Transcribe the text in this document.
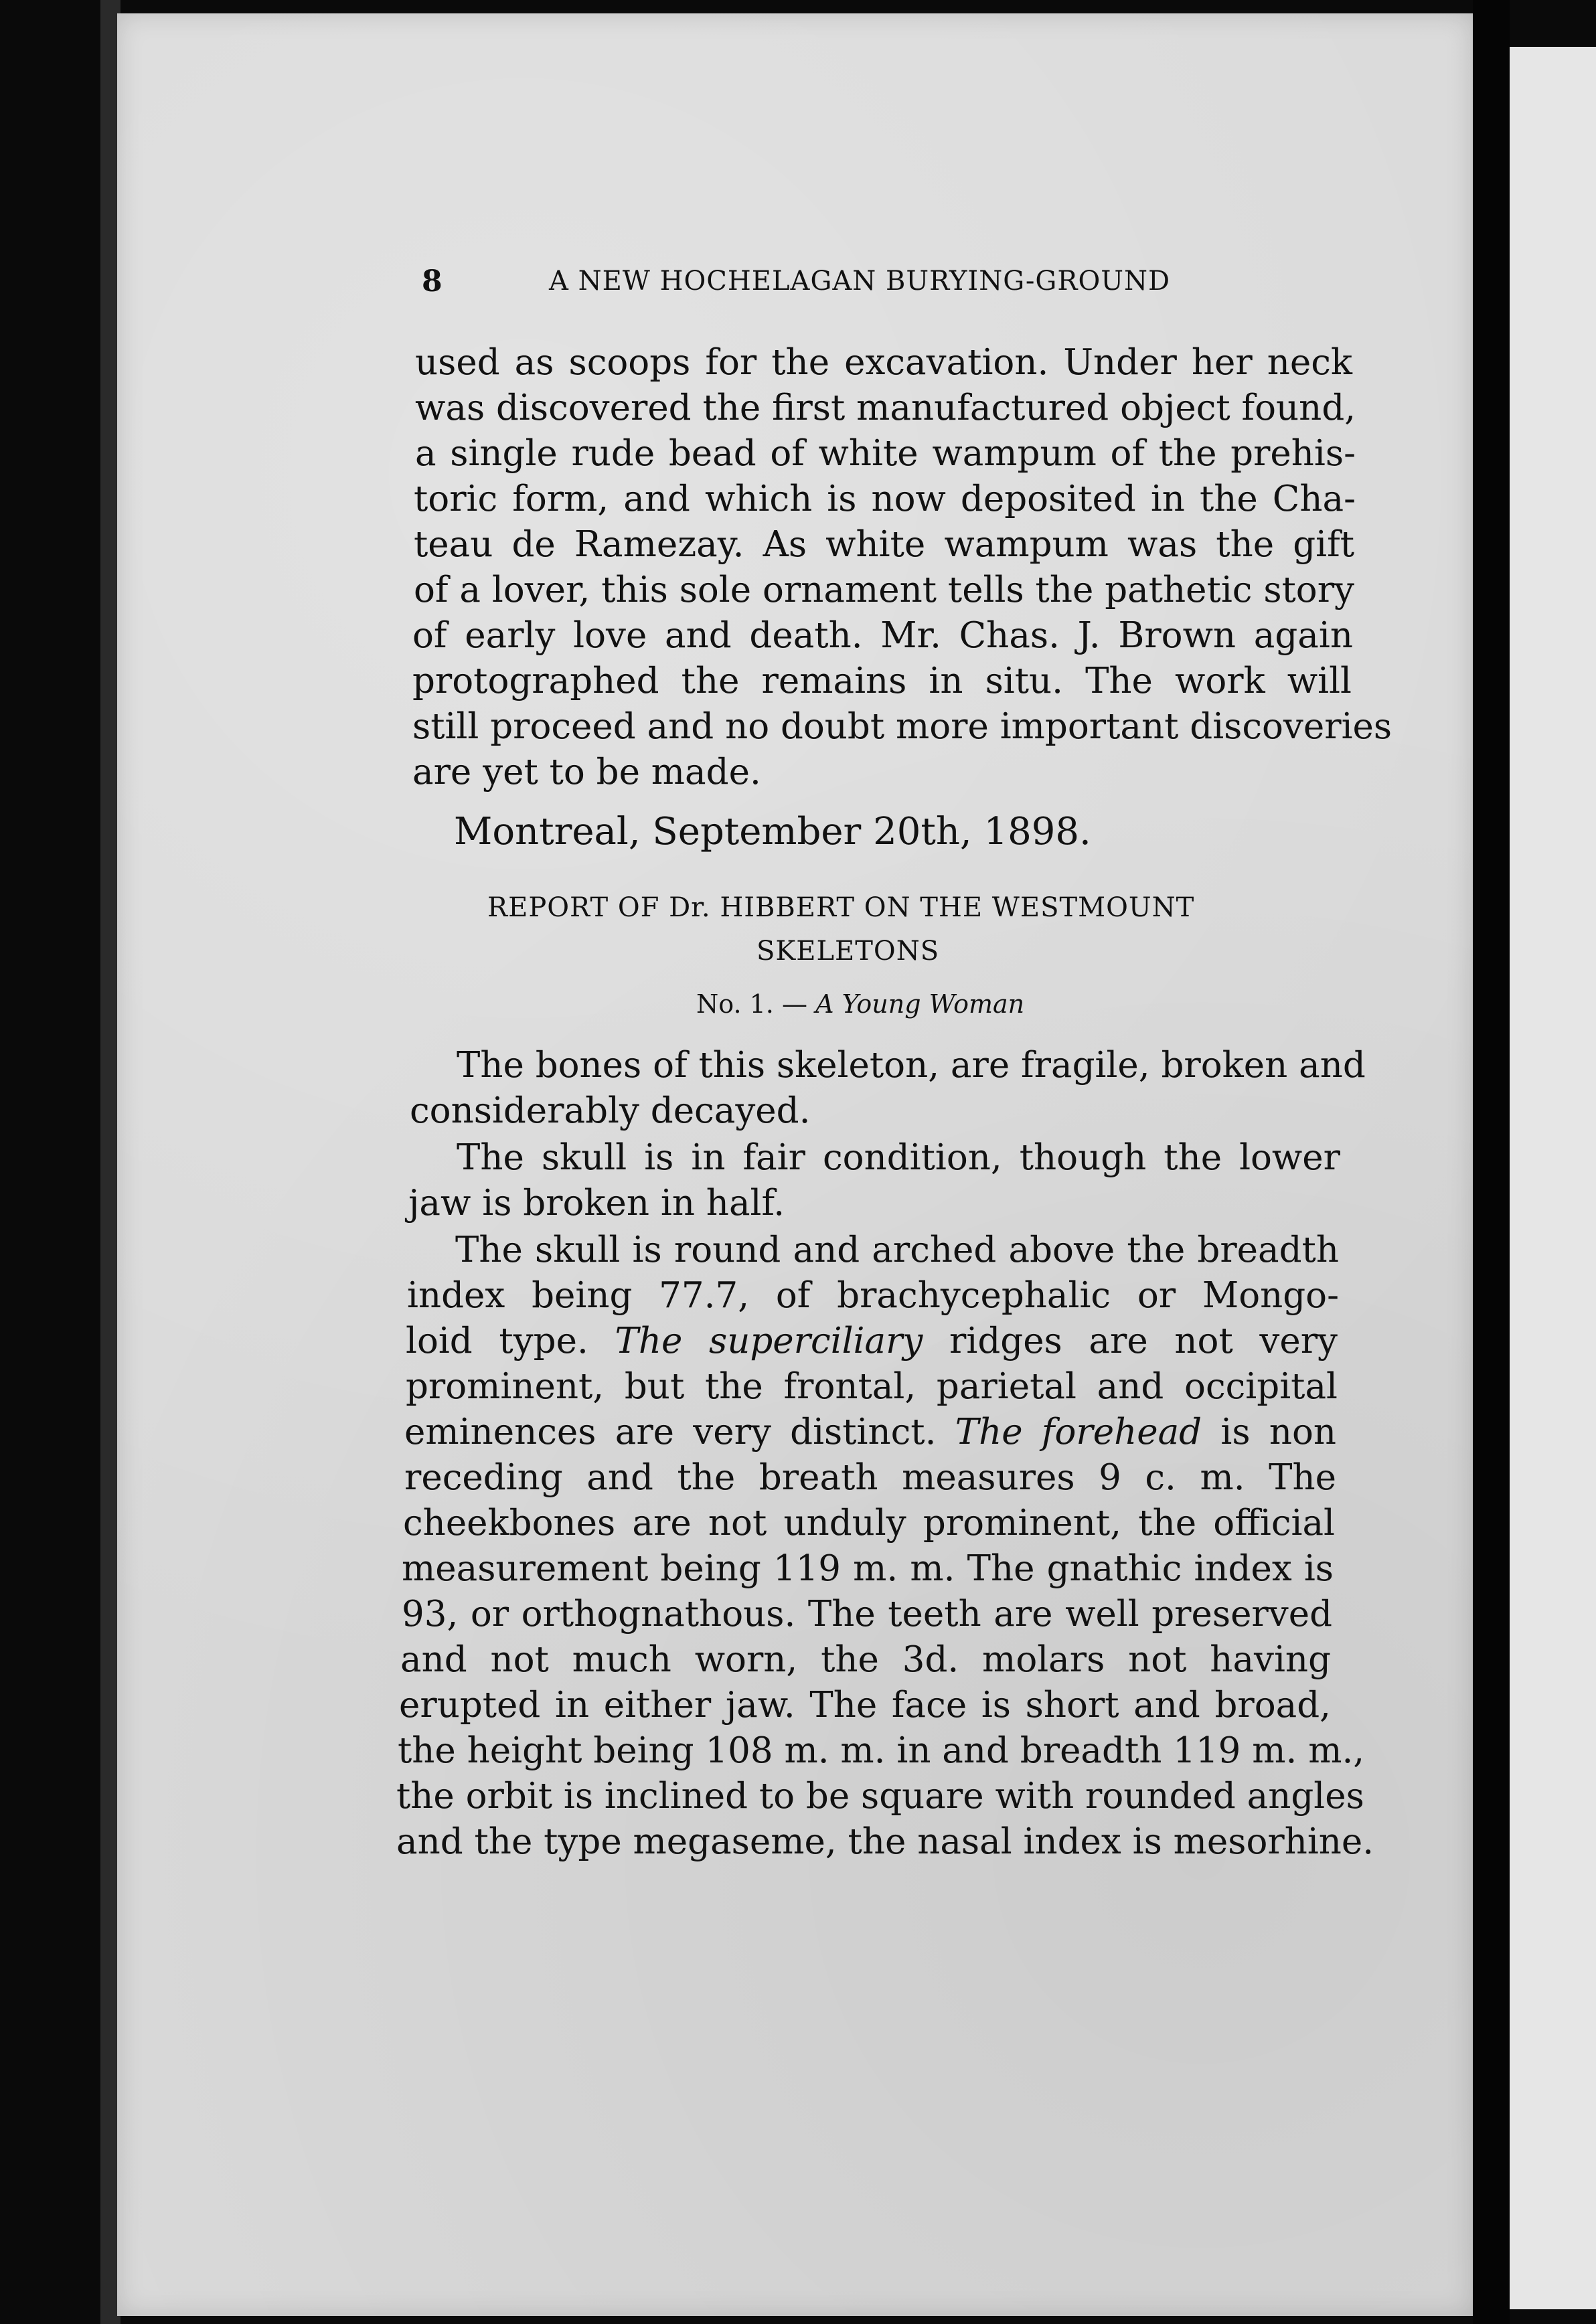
8	A NEW HOCHELAGAN BURYING-GROUND
used as scoops for the excavation. Under her neck
was discovered the first manufactured object found,
a single rude bead of white wampum of the prehis-
toric form, and which is now deposited in the Cha-
teau de Ramezay. As white wampum was the gift
of a lover, this sole ornament tells the pathetic story
of early love and death. Mr. Chas. J. Brown again
protographed the remains in situ. The work will
still proceed and no doubt more important discoveries
are yet to be made.
Montreal, September 20th, 1898.
REPORT OF Dr. HIBBERT ON THE WESTMOUNT
SKELETONS
No. 1. — A Young Woman
The bones of this skeleton, are fragile, broken and
considerably decayed.
The skull is in fair condition, though the lower
jaw is broken in half.
The skull is round and arched above the breadth
index being 77.7, of brachycephalic or Mongo-
loid type. The superciliary ridges are not very
prominent, but the frontal, parietal and occipital
eminences are very distinct. The forehead is non
receding and the breath measures 9 c. m. The
cheekbones are not unduly prominent, the official
measurement being 119 m. m. The gnathic index is
93, or orthognathous. The teeth are well preserved
and not much worn, the 3d. molars not having
erupted in either jaw. The face is short and broad,
the height being 108 m. m. in and breadth 119 m. m.,
the orbit is inclined to be square with rounded angles
and the type megaseme, the nasal index is mesorhine.
